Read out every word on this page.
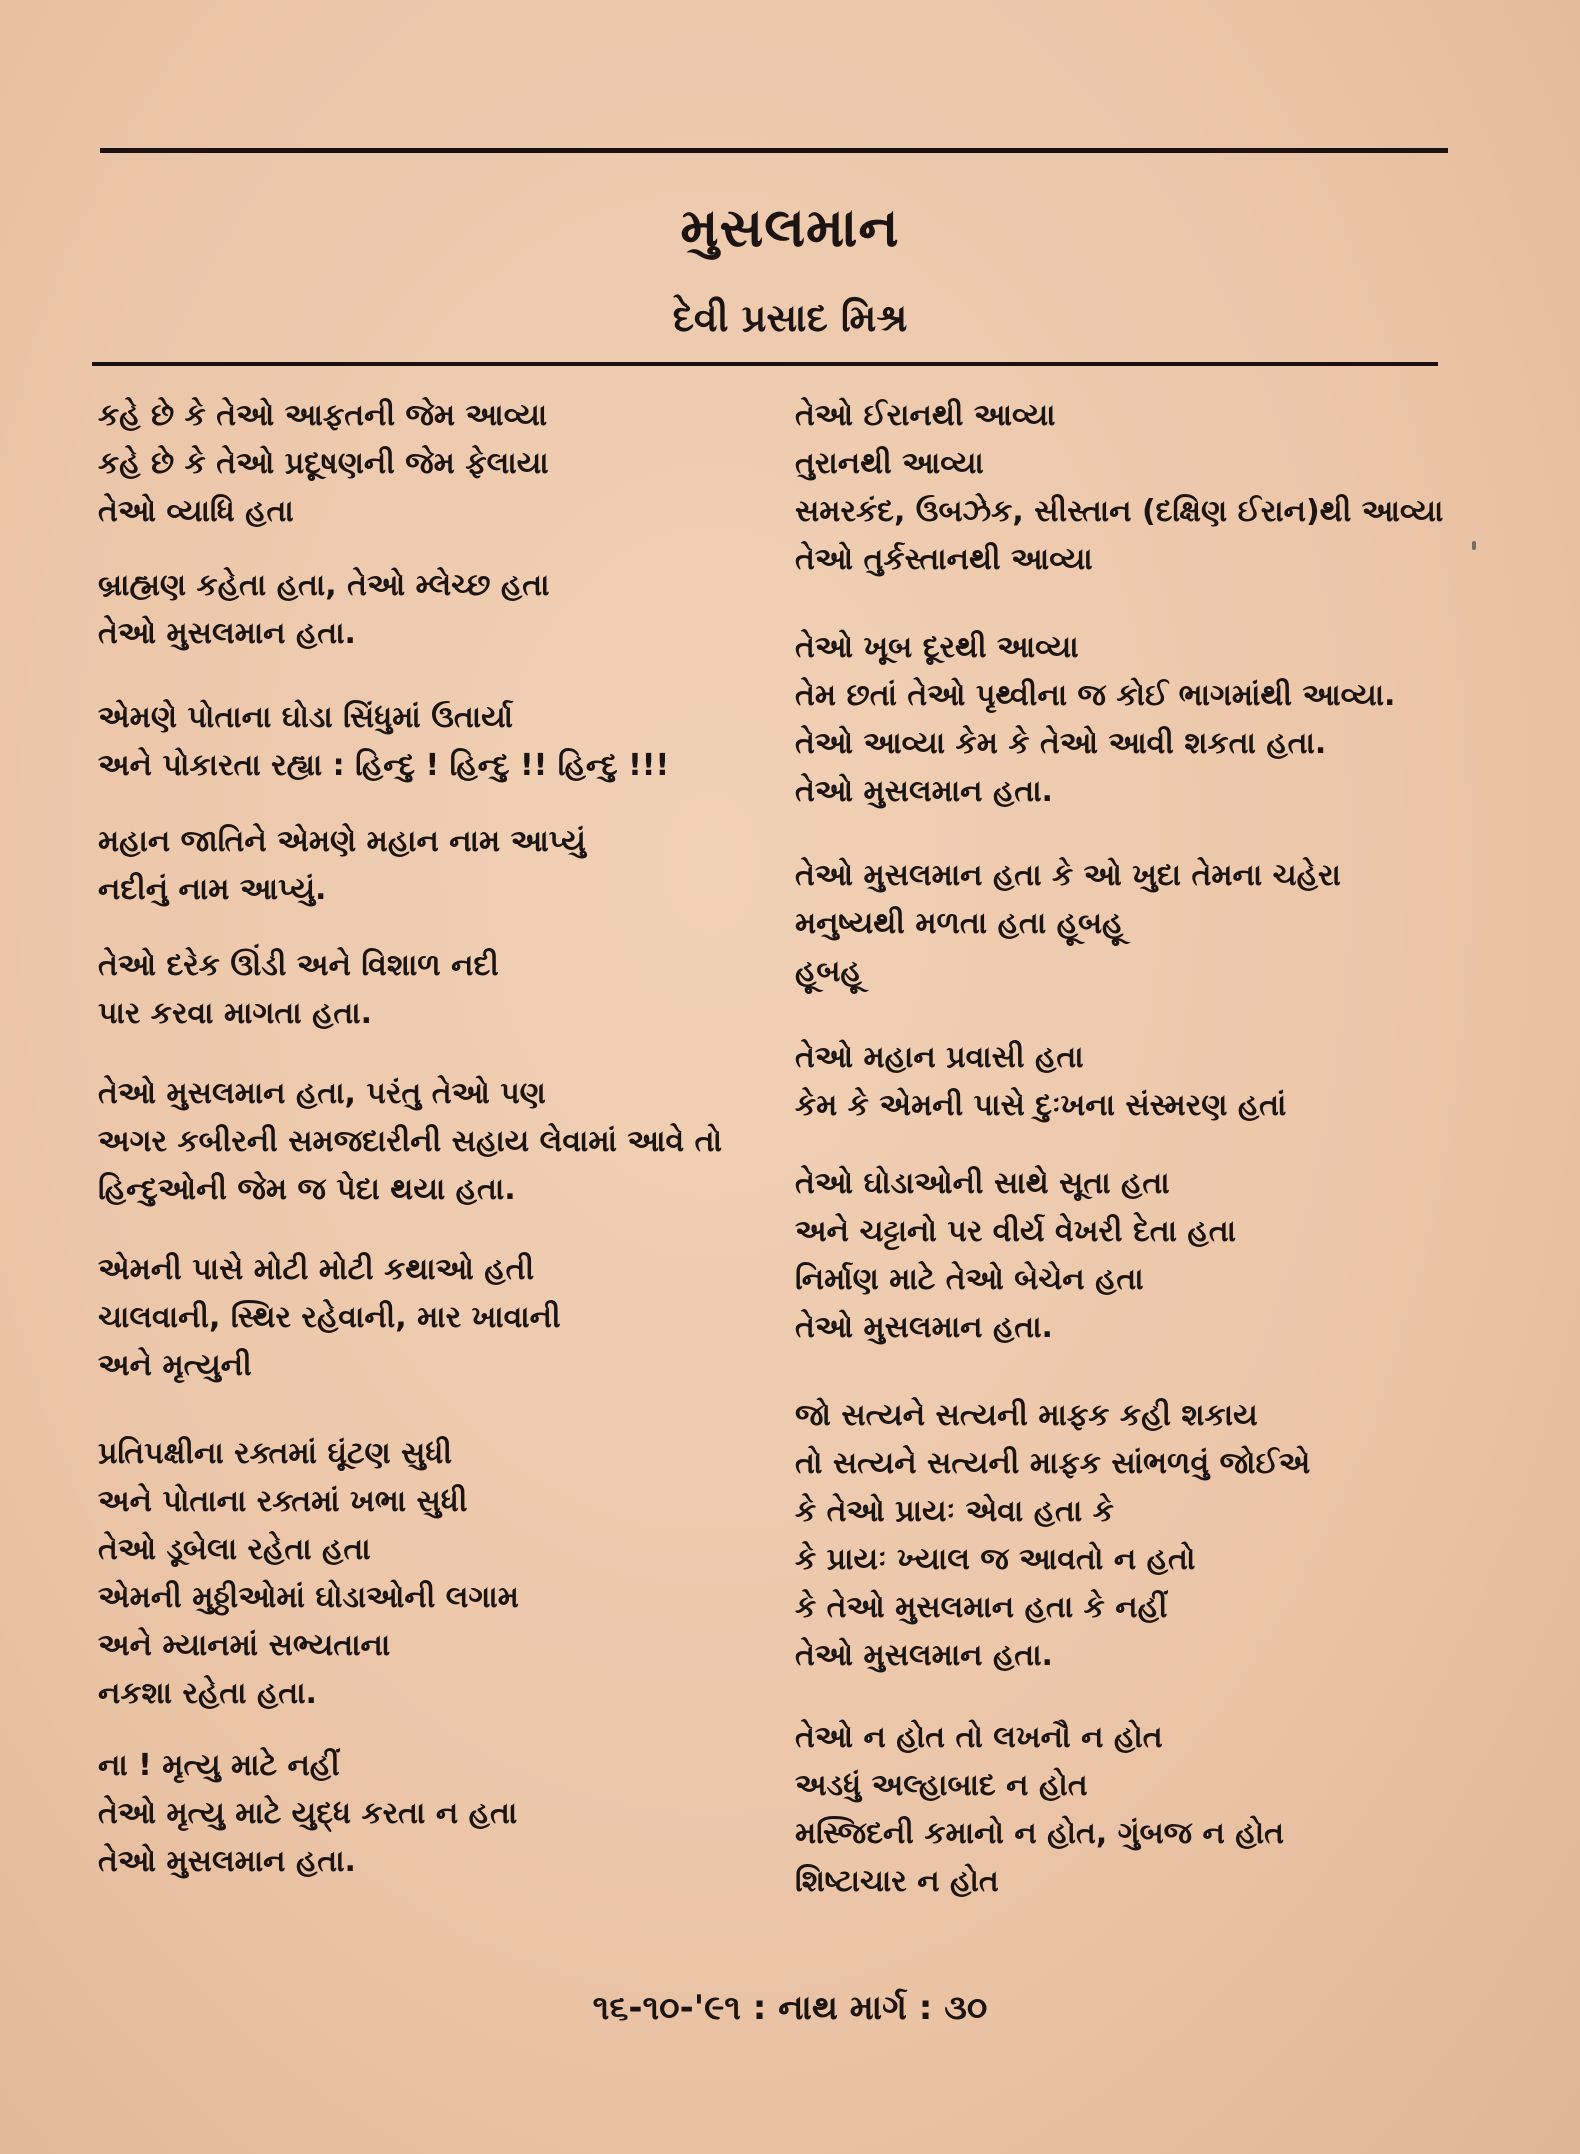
મુસલમાન
દેવી પ્રસાદ મિશ્ર
કહે છે કે તેઓ આફતની જેમ આવ્યા
કહે છે કે તેઓ પ્રદૂષણની જેમ ફેલાયા
તેઓ વ્યાધિ હતા
બ્રાહ્મણ કહેતા હતા, તેઓ મ્લેચ્છ હતા
તેઓ મુસલમાન હતા.
એમણે પોતાના ઘોડા સિંધુમાં ઉતાર્યા
અને પોકારતા રહ્યા : હિન્દુ ! હિન્દુ !! હિન્દુ !!!
મહાન જાતિને એમણે મહાન નામ આપ્યું
નદીનું નામ આપ્યું.
તેઓ દરેક ઊંડી અને વિશાળ નદી
પાર કરવા માગતા હતા.
તેઓ મુસલમાન હતા, પરંતુ તેઓ પણ
અગર કબીરની સમજદારીની સહાય લેવામાં આવે તો
હિન્દુઓની જેમ જ પેદા થયા હતા.
એમની પાસે મોટી મોટી કથાઓ હતી
ચાલવાની, સ્થિર રહેવાની, માર ખાવાની
અને મૃત્યુની
પ્રતિપક્ષીના રક્તમાં ઘૂંટણ સુધી
અને પોતાના રક્તમાં ખભા સુધી
તેઓ ડૂબેલા રહેતા હતા
એમની મુઠ્ઠીઓમાં ઘોડાઓની લગામ
અને મ્યાનમાં સભ્યતાના
નકશા રહેતા હતા.
ના ! મૃત્યુ માટે નહીં
તેઓ મૃત્યુ માટે યુદ્ધ કરતા ન હતા
તેઓ મુસલમાન હતા.
તેઓ ઈરાનથી આવ્યા
તુરાનથી આવ્યા
સમરકંદ, ઉબઝેક, સીસ્તાન (દક્ષિણ ઈરાન)થી આવ્યા
તેઓ તુર્કસ્તાનથી આવ્યા
તેઓ ખૂબ દૂરથી આવ્યા
તેમ છતાં તેઓ પૃથ્વીના જ કોઈ ભાગમાંથી આવ્યા.
તેઓ આવ્યા કેમ કે તેઓ આવી શકતા હતા.
તેઓ મુસલમાન હતા.
તેઓ મુસલમાન હતા કે ઓ ખુદા તેમના ચહેરા
મનુષ્યથી મળતા હતા હૂબહૂ
હૂબહૂ
તેઓ મહાન પ્રવાસી હતા
કેમ કે એમની પાસે દુઃખના સંસ્મરણ હતાં
તેઓ ઘોડાઓની સાથે સૂતા હતા
અને ચટ્ટાનો પર વીર્ય વેખરી દેતા હતા
નિર્માણ માટે તેઓ બેચેન હતા
તેઓ મુસલમાન હતા.
જો સત્યને સત્યની માફક કહી શકાય
તો સત્યને સત્યની માફક સાંભળવું જોઈએ
કે તેઓ પ્રાયઃ એવા હતા કે
કે પ્રાયઃ ખ્યાલ જ આવતો ન હતો
કે તેઓ મુસલમાન હતા કે નહીં
તેઓ મુસલમાન હતા.
તેઓ ન હોત તો લખનૌ ન હોત
અડધું અલ્હાબાદ ન હોત
મસ્જિદની કમાનો ન હોત, ગુંબજ ન હોત
શિષ્ટાચાર ન હોત
૧૬-૧૦-'૯૧ : નાથ માર્ગ : ૩૦
